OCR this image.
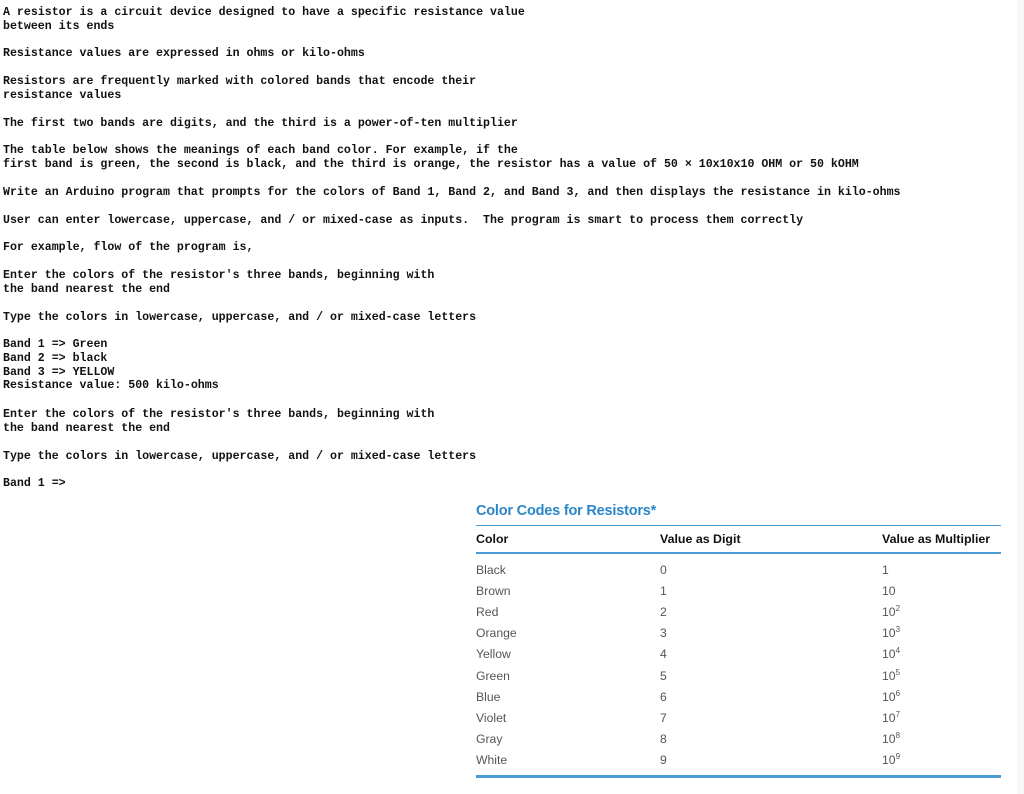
A resistor is a circuit device designed to have a specific resistance value
between its ends
Resistance values are expressed in ohms or kilo-ohms
Resistors are frequently marked with colored bands that encode their
resistance values
The first two bands are digits, and the third is a power-of-ten multiplier
The table below shows the meanings of each band color. For example, if the
first band is green, the second is black, and the third is orange, the resistor has a value of 50 × 10x10x10 OHM or 50 kOHM
Write an Arduino program that prompts for the colors of Band 1, Band 2, and Band 3, and then displays the resistance in kilo-ohms
User can enter lowercase, uppercase, and / or mixed-case as inputs.  The program is smart to process them correctly
For example, flow of the program is,
Enter the colors of the resistor's three bands, beginning with
the band nearest the end
Type the colors in lowercase, uppercase, and / or mixed-case letters
Band 1 => Green
Band 2 => black
Band 3 => YELLOW
Resistance value: 500 kilo-ohms
Enter the colors of the resistor's three bands, beginning with
the band nearest the end
Type the colors in lowercase, uppercase, and / or mixed-case letters
Band 1 =>
Color Codes for Resistors*
Color	Value as Digit	Value as Multiplier
Black	0	1
Brown	1	10
Red	2	$10^2$
Orange	3	$10^3$
Yellow	4	$10^4$
Green	5	$10^5$
Blue	6	$10^6$
Violet	7	$10^7$
Gray	8	$10^8$
White	9	$10^9$
